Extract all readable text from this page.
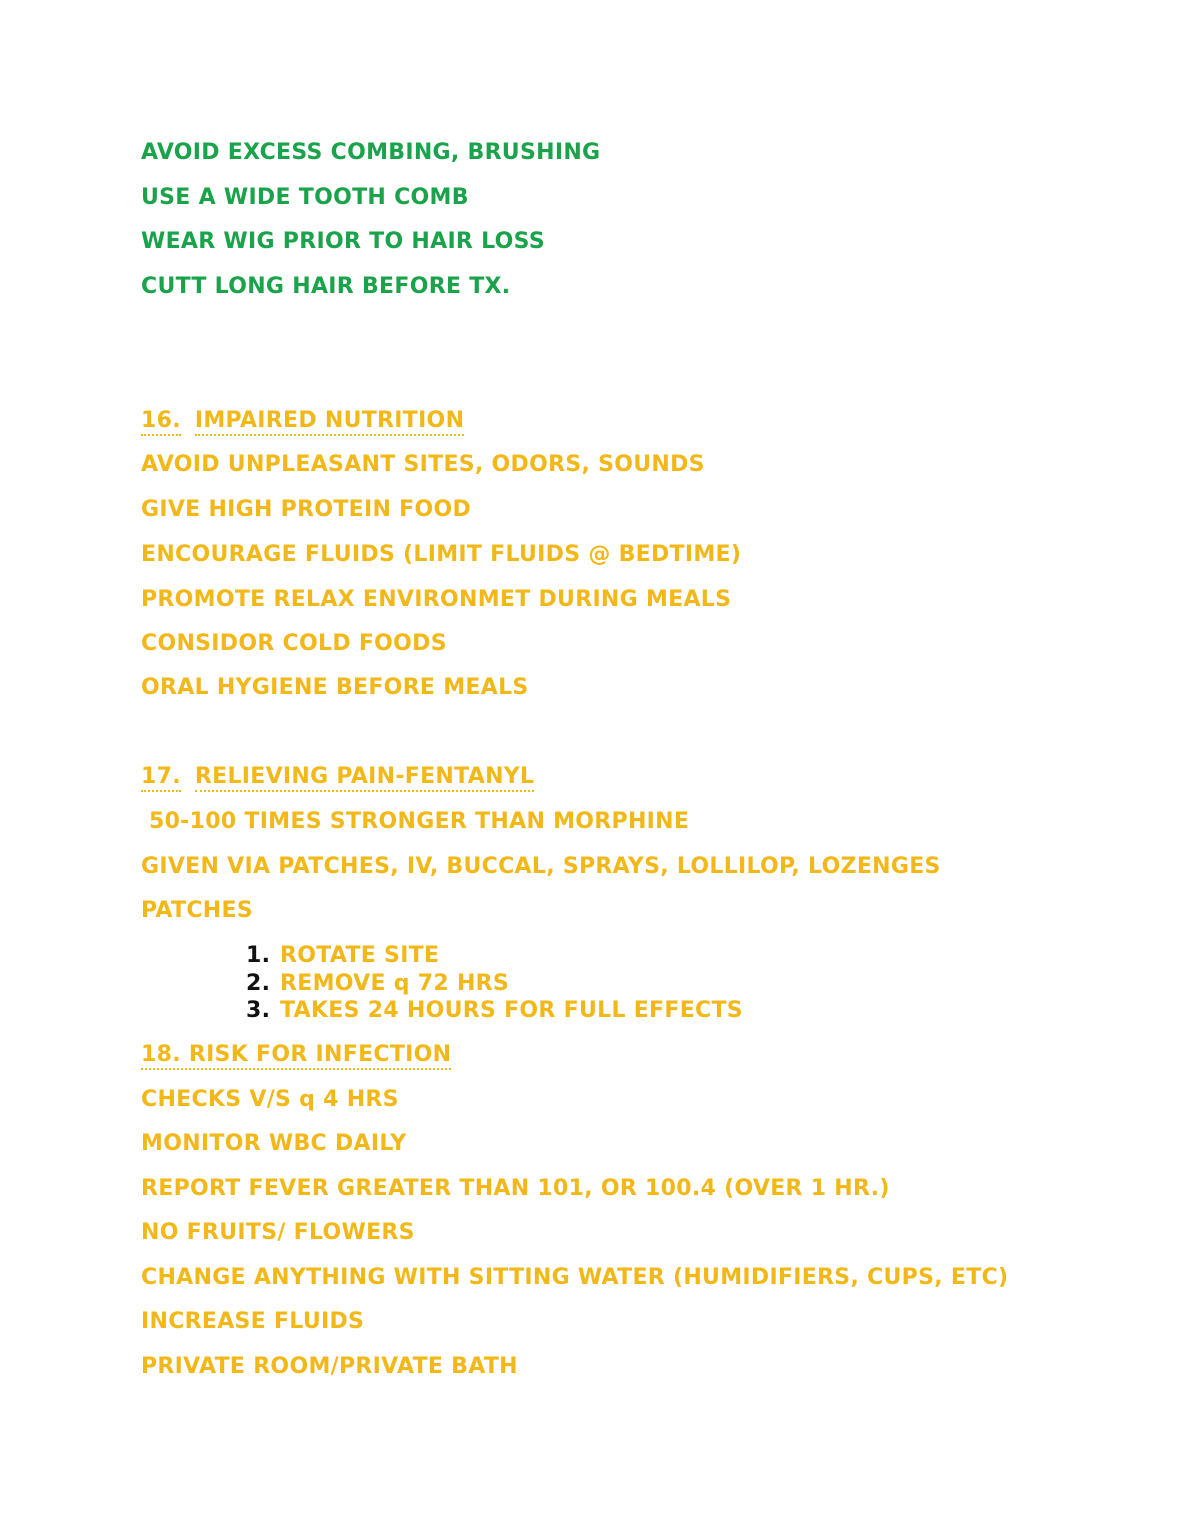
AVOID EXCESS COMBING, BRUSHING
USE A WIDE TOOTH COMB
WEAR WIG PRIOR TO HAIR LOSS
CUTT LONG HAIR BEFORE TX.
16. IMPAIRED NUTRITION
AVOID UNPLEASANT SITES, ODORS, SOUNDS
GIVE HIGH PROTEIN FOOD
ENCOURAGE FLUIDS (LIMIT FLUIDS @ BEDTIME)
PROMOTE RELAX ENVIRONMET DURING MEALS
CONSIDOR COLD FOODS
ORAL HYGIENE BEFORE MEALS
17. RELIEVING PAIN-FENTANYL
50-100 TIMES STRONGER THAN MORPHINE
GIVEN VIA PATCHES, IV, BUCCAL, SPRAYS, LOLLILOP, LOZENGES
PATCHES
1. ROTATE SITE
2. REMOVE q 72 HRS
3. TAKES 24 HOURS FOR FULL EFFECTS
18. RISK FOR INFECTION
CHECKS V/S q 4 HRS
MONITOR WBC DAILY
REPORT FEVER GREATER THAN 101, OR 100.4 (OVER 1 HR.)
NO FRUITS/ FLOWERS
CHANGE ANYTHING WITH SITTING WATER (HUMIDIFIERS, CUPS, ETC)
INCREASE FLUIDS
PRIVATE ROOM/PRIVATE BATH
